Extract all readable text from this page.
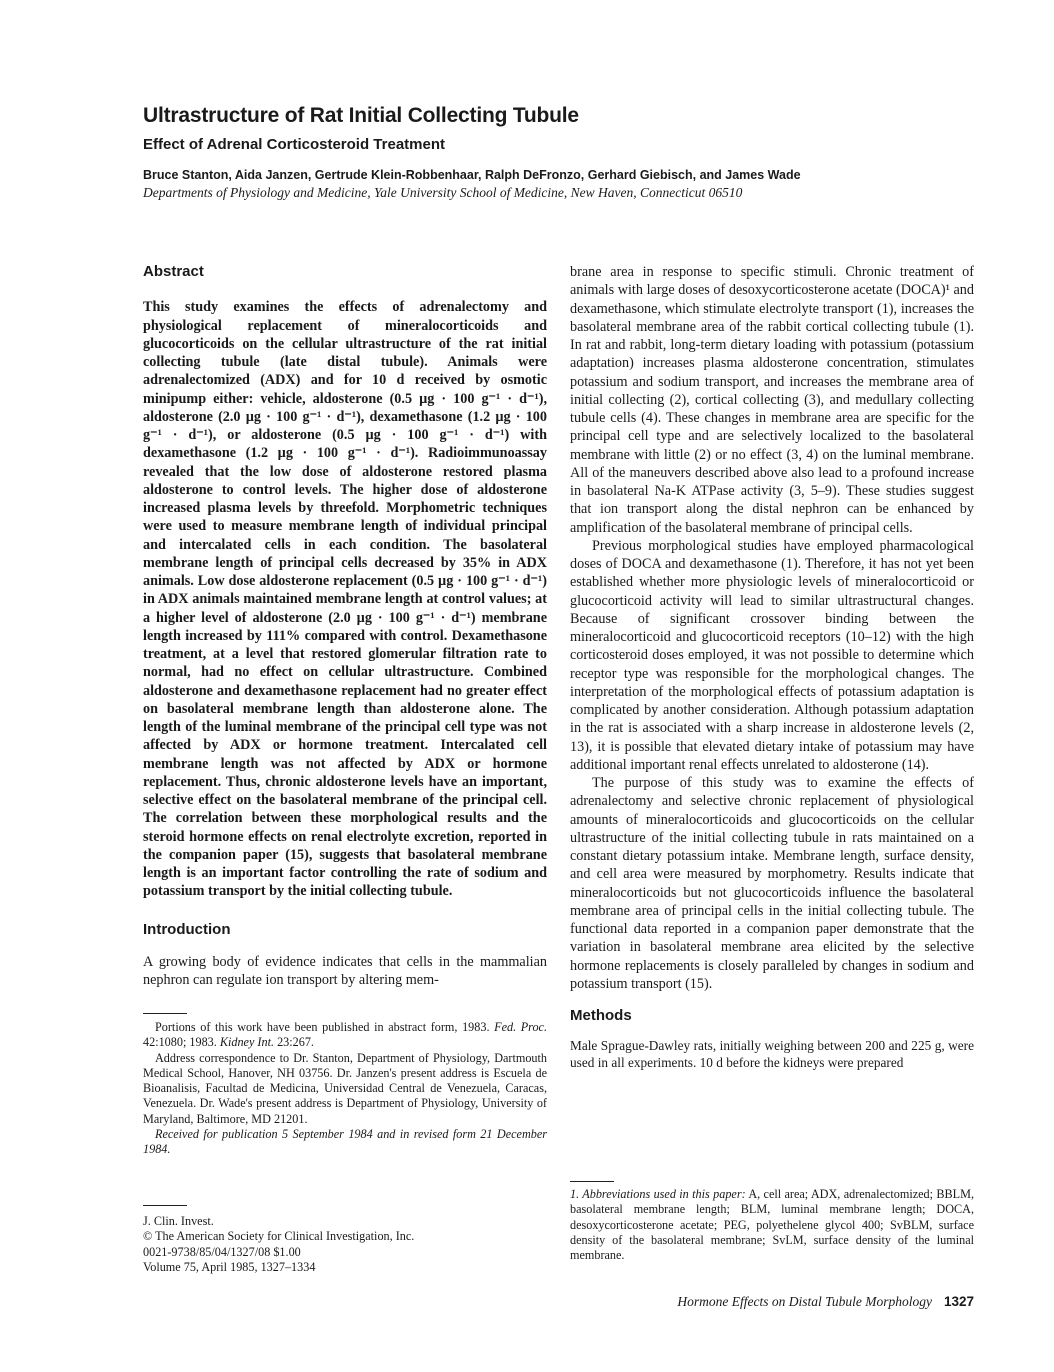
Ultrastructure of Rat Initial Collecting Tubule
Effect of Adrenal Corticosteroid Treatment
Bruce Stanton, Aida Janzen, Gertrude Klein-Robbenhaar, Ralph DeFronzo, Gerhard Giebisch, and James Wade
Departments of Physiology and Medicine, Yale University School of Medicine, New Haven, Connecticut 06510
Abstract

This study examines the effects of adrenalectomy and physiological replacement of mineralocorticoids and glucocorticoids on the cellular ultrastructure of the rat initial collecting tubule (late distal tubule). Animals were adrenalectomized (ADX) and for 10 d received by osmotic minipump either: vehicle, aldosterone (0.5 µg · 100 g⁻¹ · d⁻¹), aldosterone (2.0 µg · 100 g⁻¹ · d⁻¹), dexamethasone (1.2 µg · 100 g⁻¹ · d⁻¹), or aldosterone (0.5 µg · 100 g⁻¹ · d⁻¹) with dexamethasone (1.2 µg · 100 g⁻¹ · d⁻¹). Radioimmunoassay revealed that the low dose of aldosterone restored plasma aldosterone to control levels. The higher dose of aldosterone increased plasma levels by threefold. Morphometric techniques were used to measure membrane length of individual principal and intercalated cells in each condition. The basolateral membrane length of principal cells decreased by 35% in ADX animals. Low dose aldosterone replacement (0.5 µg · 100 g⁻¹ · d⁻¹) in ADX animals maintained membrane length at control values; at a higher level of aldosterone (2.0 µg · 100 g⁻¹ · d⁻¹) membrane length increased by 111% compared with control. Dexamethasone treatment, at a level that restored glomerular filtration rate to normal, had no effect on cellular ultrastructure. Combined aldosterone and dexamethasone replacement had no greater effect on basolateral membrane length than aldosterone alone. The length of the luminal membrane of the principal cell type was not affected by ADX or hormone treatment. Intercalated cell membrane length was not affected by ADX or hormone replacement. Thus, chronic aldosterone levels have an important, selective effect on the basolateral membrane of the principal cell. The correlation between these morphological results and the steroid hormone effects on renal electrolyte excretion, reported in the companion paper (15), suggests that basolateral membrane length is an important factor controlling the rate of sodium and potassium transport by the initial collecting tubule.

Introduction

A growing body of evidence indicates that cells in the mammalian nephron can regulate ion transport by altering mem-

Portions of this work have been published in abstract form, 1983. Fed. Proc. 42:1080; 1983. Kidney Int. 23:267.

Address correspondence to Dr. Stanton, Department of Physiology, Dartmouth Medical School, Hanover, NH 03756. Dr. Janzen's present address is Escuela de Bioanalisis, Facultad de Medicina, Universidad Central de Venezuela, Caracas, Venezuela. Dr. Wade's present address is Department of Physiology, University of Maryland, Baltimore, MD 21201.

Received for publication 5 September 1984 and in revised form 21 December 1984.

J. Clin. Invest.

© The American Society for Clinical Investigation, Inc.

0021-9738/85/04/1327/08 $1.00

Volume 75, April 1985, 1327–1334

brane area in response to specific stimuli. Chronic treatment of animals with large doses of desoxycorticosterone acetate (DOCA)¹ and dexamethasone, which stimulate electrolyte transport (1), increases the basolateral membrane area of the rabbit cortical collecting tubule (1). In rat and rabbit, long-term dietary loading with potassium (potassium adaptation) increases plasma aldosterone concentration, stimulates potassium and sodium transport, and increases the membrane area of initial collecting (2), cortical collecting (3), and medullary collecting tubule cells (4). These changes in membrane area are specific for the principal cell type and are selectively localized to the basolateral membrane with little (2) or no effect (3, 4) on the luminal membrane. All of the maneuvers described above also lead to a profound increase in basolateral Na-K ATPase activity (3, 5–9). These studies suggest that ion transport along the distal nephron can be enhanced by amplification of the basolateral membrane of principal cells.

Previous morphological studies have employed pharmacological doses of DOCA and dexamethasone (1). Therefore, it has not yet been established whether more physiologic levels of mineralocorticoid or glucocorticoid activity will lead to similar ultrastructural changes. Because of significant crossover binding between the mineralocorticoid and glucocorticoid receptors (10–12) with the high corticosteroid doses employed, it was not possible to determine which receptor type was responsible for the morphological changes. The interpretation of the morphological effects of potassium adaptation is complicated by another consideration. Although potassium adaptation in the rat is associated with a sharp increase in aldosterone levels (2, 13), it is possible that elevated dietary intake of potassium may have additional important renal effects unrelated to aldosterone (14).

The purpose of this study was to examine the effects of adrenalectomy and selective chronic replacement of physiological amounts of mineralocorticoids and glucocorticoids on the cellular ultrastructure of the initial collecting tubule in rats maintained on a constant dietary potassium intake. Membrane length, surface density, and cell area were measured by morphometry. Results indicate that mineralocorticoids but not glucocorticoids influence the basolateral membrane area of principal cells in the initial collecting tubule. The functional data reported in a companion paper demonstrate that the variation in basolateral membrane area elicited by the selective hormone replacements is closely paralleled by changes in sodium and potassium transport (15).

Methods

Male Sprague-Dawley rats, initially weighing between 200 and 225 g, were used in all experiments. 10 d before the kidneys were prepared

1. Abbreviations used in this paper: A, cell area; ADX, adrenalectomized; BBLM, basolateral membrane length; BLM, luminal membrane length; DOCA, desoxycorticosterone acetate; PEG, polyethelene glycol 400; SvBLM, surface density of the basolateral membrane; SvLM, surface density of the luminal membrane.

Hormone Effects on Distal Tubule Morphology 1327
